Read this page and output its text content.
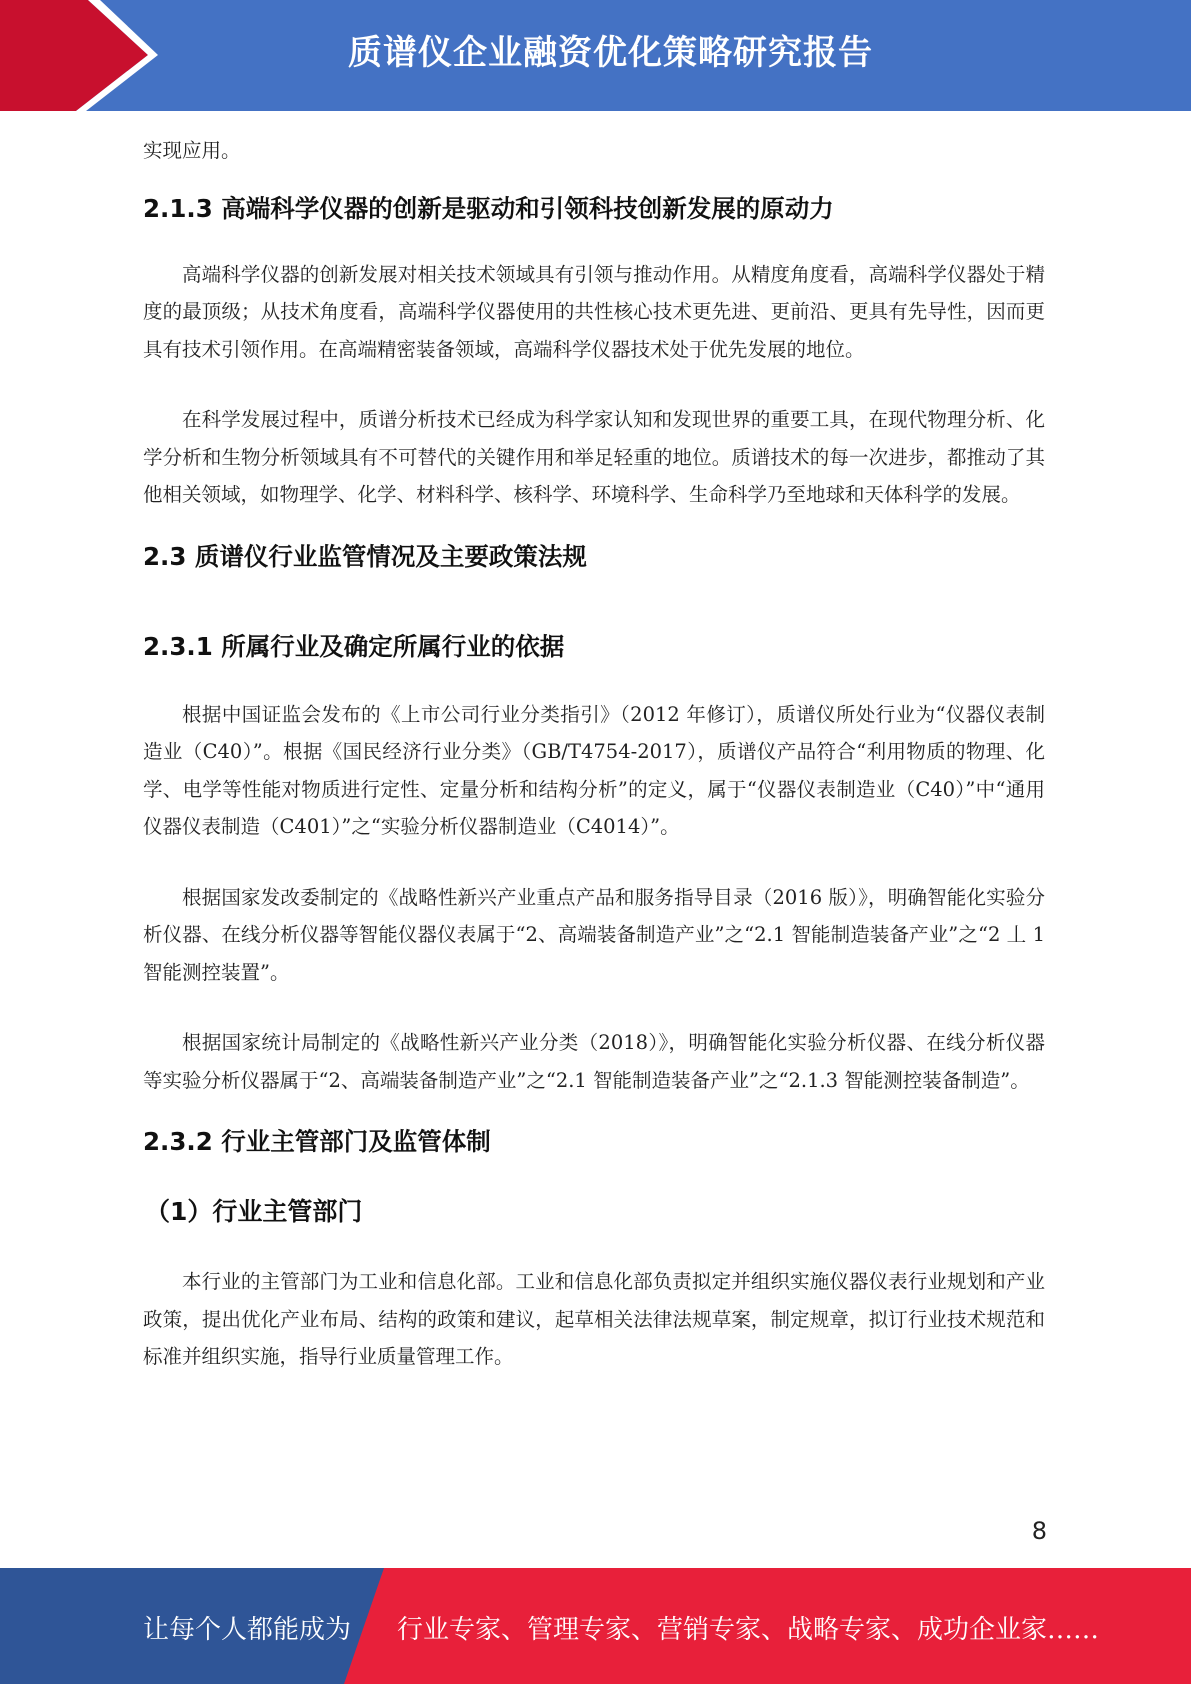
质谱仪企业融资优化策略研究报告

实现应用。

2.1.3 高端科学仪器的创新是驱动和引领科技创新发展的原动力

高端科学仪器的创新发展对相关技术领域具有引领与推动作用。从精度角度看，高端科学仪器处于精度的最顶级；从技术角度看，高端科学仪器使用的共性核心技术更先进、更前沿、更具有先导性，因而更具有技术引领作用。在高端精密装备领域，高端科学仪器技术处于优先发展的地位。

在科学发展过程中，质谱分析技术已经成为科学家认知和发现世界的重要工具，在现代物理分析、化学分析和生物分析领域具有不可替代的关键作用和举足轻重的地位。质谱技术的每一次进步，都推动了其他相关领域，如物理学、化学、材料科学、核科学、环境科学、生命科学乃至地球和天体科学的发展。

2.3 质谱仪行业监管情况及主要政策法规
2.3.1 所属行业及确定所属行业的依据

根据中国证监会发布的《上市公司行业分类指引》（2012 年修订），质谱仪所处行业为“仪器仪表制造业（C40）”。根据《国民经济行业分类》（GB/T4754-2017），质谱仪产品符合“利用物质的物理、化学、电学等性能对物质进行定性、定量分析和结构分析”的定义，属于“仪器仪表制造业（C40）”中“通用仪器仪表制造（C401）”之“实验分析仪器制造业（C4014）”。

根据国家发改委制定的《战略性新兴产业重点产品和服务指导目录（2016 版）》，明确智能化实验分析仪器、在线分析仪器等智能仪器仪表属于“2、高端装备制造产业”之“2.1 智能制造装备产业”之“2 丄 1 智能测控装置”。

根据国家统计局制定的《战略性新兴产业分类（2018）》，明确智能化实验分析仪器、在线分析仪器等实验分析仪器属于“2、高端装备制造产业”之“2.1 智能制造装备产业”之“2.1.3 智能测控装备制造”。

2.3.2 行业主管部门及监管体制
（1）行业主管部门

本行业的主管部门为工业和信息化部。工业和信息化部负责拟定并组织实施仪器仪表行业规划和产业政策，提出优化产业布局、结构的政策和建议，起草相关法律法规草案，制定规章，拟订行业技术规范和标准并组织实施，指导行业质量管理工作。

8
让每个人都能成为 行业专家、管理专家、营销专家、战略专家、成功企业家……
